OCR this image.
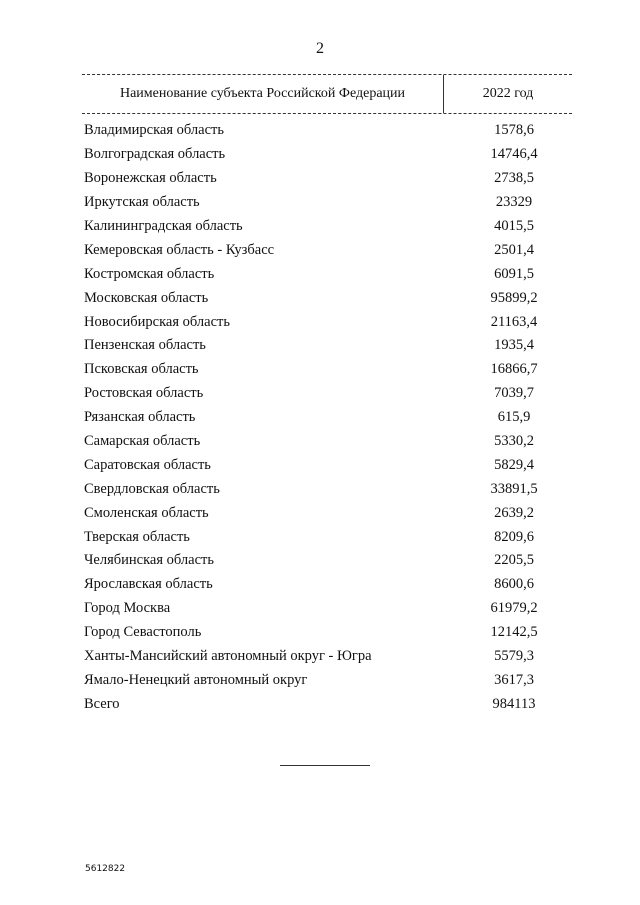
2
Наименование субъекта Российской Федерации	2022 год
Владимирская область	1578,6
Волгоградская область	14746,4
Воронежская область	2738,5
Иркутская область	23329
Калининградская область	4015,5
Кемеровская область - Кузбасс	2501,4
Костромская область	6091,5
Московская область	95899,2
Новосибирская область	21163,4
Пензенская область	1935,4
Псковская область	16866,7
Ростовская область	7039,7
Рязанская область	615,9
Самарская область	5330,2
Саратовская область	5829,4
Свердловская область	33891,5
Смоленская область	2639,2
Тверская область	8209,6
Челябинская область	2205,5
Ярославская область	8600,6
Город Москва	61979,2
Город Севастополь	12142,5
Ханты-Мансийский автономный округ - Югра	5579,3
Ямало-Ненецкий автономный округ	3617,3
Всего	984113
5612822
